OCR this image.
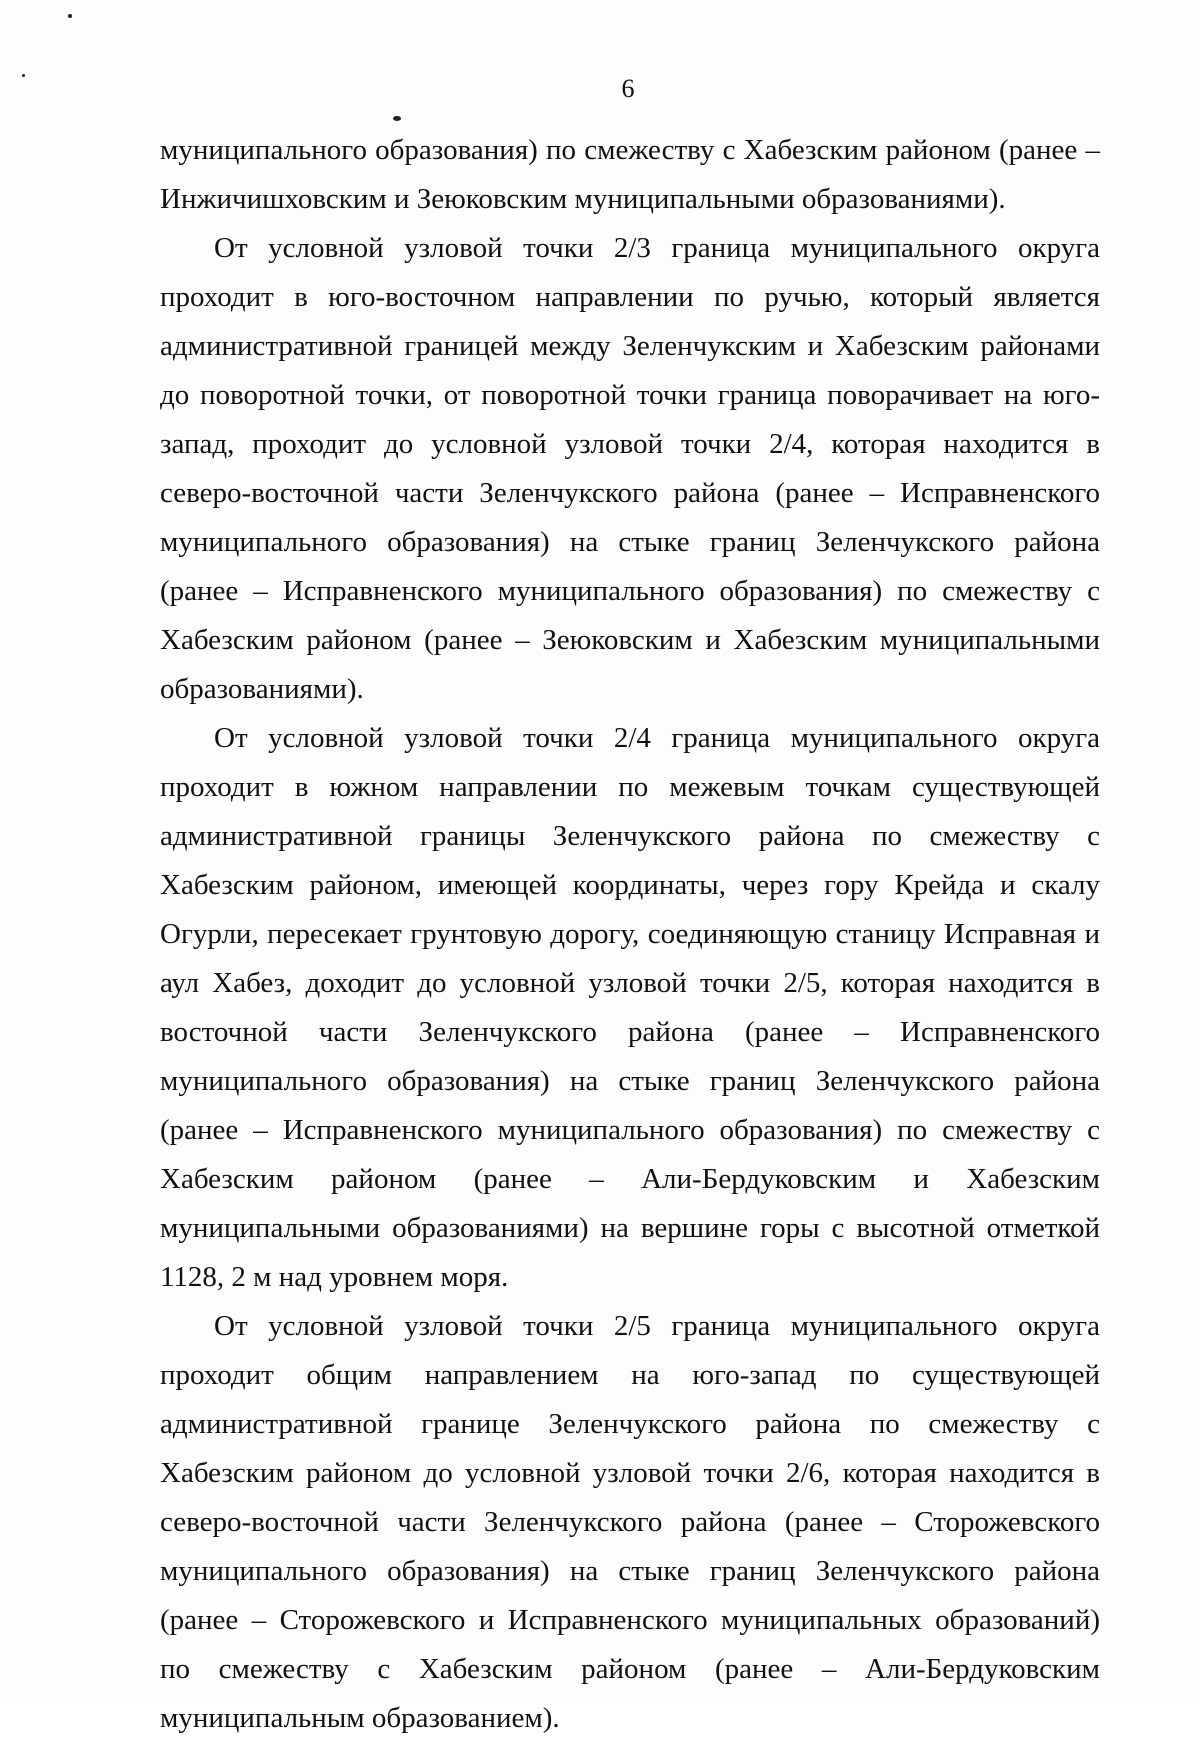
6

муниципального образования) по смежеству с Хабезским районом (ранее – Инжичишховским и Зеюковским муниципальными образованиями).

От условной узловой точки 2/3 граница муниципального округа проходит в юго-восточном направлении по ручью, который является административной границей между Зеленчукским и Хабезским районами до поворотной точки, от поворотной точки граница поворачивает на юго-запад, проходит до условной узловой точки 2/4, которая находится в северо-восточной части Зеленчукского района (ранее – Исправненского муниципального образования) на стыке границ Зеленчукского района (ранее – Исправненского муниципального образования) по смежеству с Хабезским районом (ранее – Зеюковским и Хабезским муниципальными образованиями).

От условной узловой точки 2/4 граница муниципального округа проходит в южном направлении по межевым точкам существующей административной границы Зеленчукского района по смежеству с Хабезским районом, имеющей координаты, через гору Крейда и скалу Огурли, пересекает грунтовую дорогу, соединяющую станицу Исправная и аул Хабез, доходит до условной узловой точки 2/5, которая находится в восточной части Зеленчукского района (ранее – Исправненского муниципального образования) на стыке границ Зеленчукского района (ранее – Исправненского муниципального образования) по смежеству с Хабезским районом (ранее – Али-Бердуковским и Хабезским муниципальными образованиями) на вершине горы с высотной отметкой 1128, 2 м над уровнем моря.

От условной узловой точки 2/5 граница муниципального округа проходит общим направлением на юго-запад по существующей административной границе Зеленчукского района по смежеству с Хабезским районом до условной узловой точки 2/6, которая находится в северо-восточной части Зеленчукского района (ранее – Сторожевского муниципального образования) на стыке границ Зеленчукского района (ранее – Сторожевского и Исправненского муниципальных образований) по смежеству с Хабезским районом (ранее – Али-Бердуковским муниципальным образованием).
